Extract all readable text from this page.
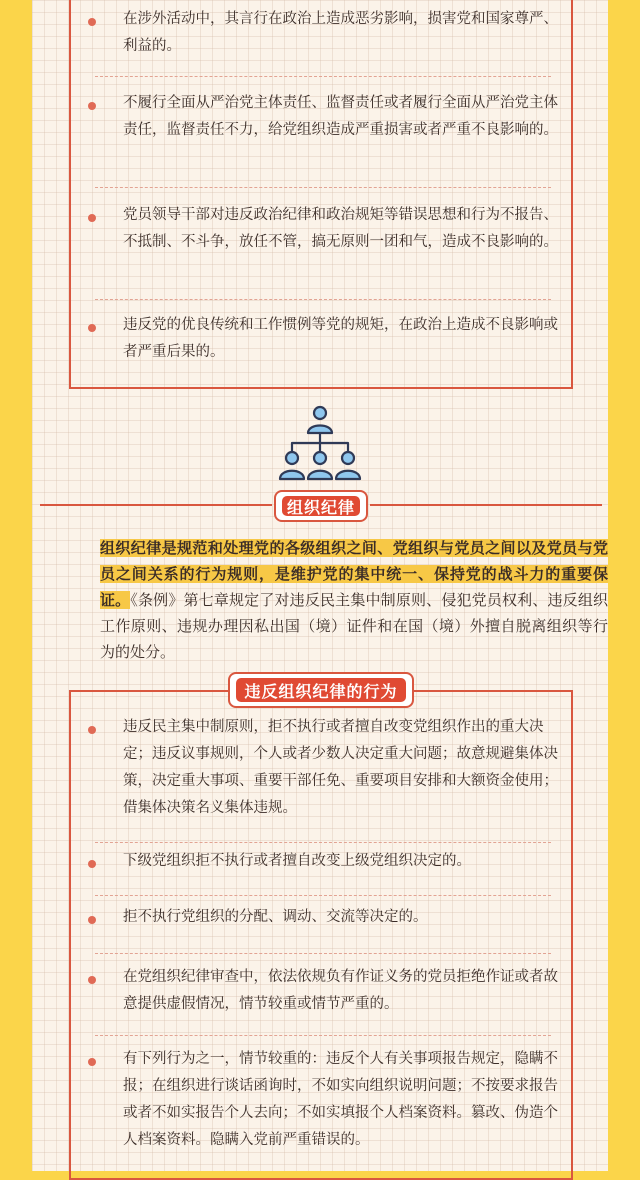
在涉外活动中，其言行在政治上造成恶劣影响，损害党和国家尊严、利益的。
不履行全面从严治党主体责任、监督责任或者履行全面从严治党主体责任，监督责任不力，给党组织造成严重损害或者严重不良影响的。
党员领导干部对违反政治纪律和政治规矩等错误思想和行为不报告、不抵制、不斗争，放任不管，搞无原则一团和气，造成不良影响的。
违反党的优良传统和工作惯例等党的规矩，在政治上造成不良影响或者严重后果的。
组织纪律
组织纪律是规范和处理党的各级组织之间、党组织与党员之间以及党员与党员之间关系的行为规则，是维护党的集中统一、保持党的战斗力的重要保证。《条例》第七章规定了对违反民主集中制原则、侵犯党员权利、违反组织工作原则、违规办理因私出国（境）证件和在国（境）外擅自脱离组织等行为的处分。
违反民主集中制原则，拒不执行或者擅自改变党组织作出的重大决定；违反议事规则，个人或者少数人决定重大问题；故意规避集体决策，决定重大事项、重要干部任免、重要项目安排和大额资金使用；借集体决策名义集体违规。
下级党组织拒不执行或者擅自改变上级党组织决定的。
拒不执行党组织的分配、调动、交流等决定的。
在党组织纪律审查中，依法依规负有作证义务的党员拒绝作证或者故意提供虚假情况，情节较重或情节严重的。
有下列行为之一，情节较重的：违反个人有关事项报告规定，隐瞒不报；在组织进行谈话函询时，不如实向组织说明问题；不按要求报告或者不如实报告个人去向；不如实填报个人档案资料。篡改、伪造个人档案资料。隐瞒入党前严重错误的。
违反组织纪律的行为
